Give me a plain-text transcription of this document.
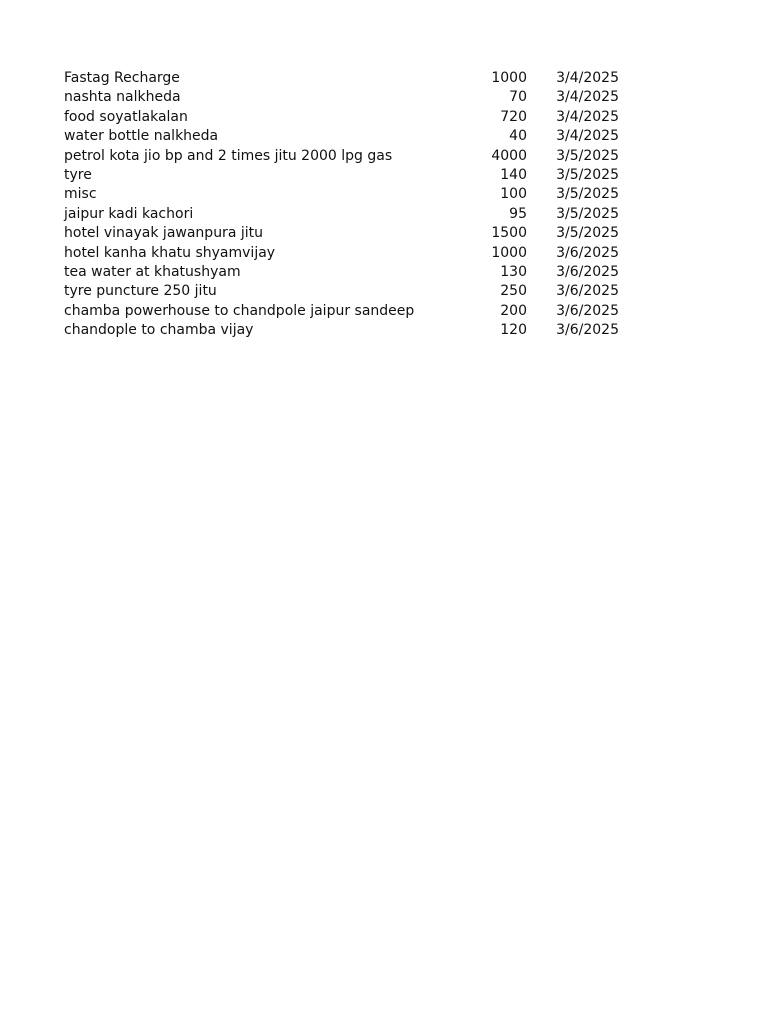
Fastag Recharge	1000 3/4/2025
nashta nalkheda	70 3/4/2025
food soyatlakalan	720 3/4/2025
water bottle nalkheda	40 3/4/2025
petrol kota jio bp and 2 times jitu 2000 lpg gas	4000 3/5/2025
tyre	140 3/5/2025
misc	100 3/5/2025
jaipur kadi kachori	95 3/5/2025
hotel vinayak jawanpura jitu	1500 3/5/2025
hotel kanha khatu shyamvijay	1000 3/6/2025
tea water at khatushyam	130 3/6/2025
tyre puncture 250 jitu	250 3/6/2025
chamba powerhouse to chandpole jaipur sandeep	200 3/6/2025
chandople to chamba vijay	120 3/6/2025
